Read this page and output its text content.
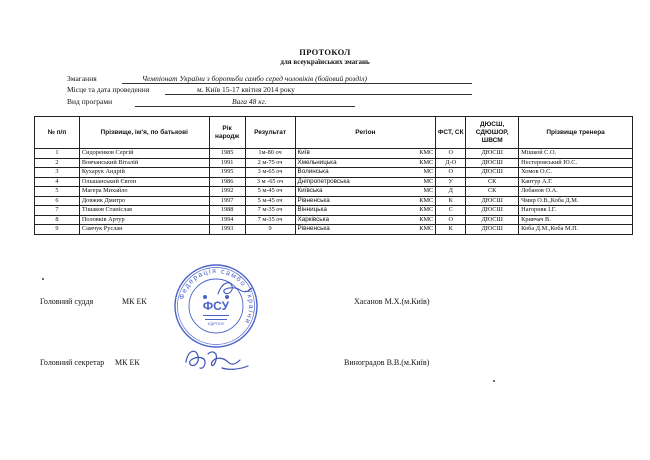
ПРОТОКОЛ
для всеукраїнських змагань
Змагання	Чемпіонат України з боротьби самбо серед чоловіків (бойовий розділ)
Місце та дата проведення	м. Київ 15-17 квітня 2014 року
Вид програми	Вага 48 кг.
№ п/п	Прізвище, ім'я, по батькові	Рік народж	Результат	Регіон	ФСТ, СК	ДЮСШ, СДЮШОР, ШВСМ	Прізвище тренера
1	Сидоренков Сергій	1985	1м-80 оч	Київ КМС	О	ДЮСШ	Мішкой С.О.
2	Вовчанський Віталій	1991	2 м-75 оч	Хмельницька КМС	Д-О	ДЮСШ	Нестеровський Ю.С.
3	Кухарук Андрій	1995	3 м-65 оч	Волинська МС	О	ДЮСШ	Хомов О.С.
4	Ольшанський Євген	1986	3 м -65 оч	Дніпропетровська МС	У	СК	Кантур А.Г.
5	Магера Михайло	1992	5 м-45 оч	Київська МС	Д	СК	Лобанов О.А.
6	Довжик Дмитро	1997	5 м-45 оч	Рівненська КМС	К	ДЮСШ	Чмир О.В.,Коба Д.М.
7	Тішаков Станіслав	1988	7 м-35 оч	Вінницька КМС	С	ДЮСШ	Нагорняк І.Г.
8	Половків Артур	1994	7 м-35 оч	Харківська КМС	О	ДЮСШ	Кривчач В.
9	Самчук Руслан	1993	9	Рівненська КМС	К	ДЮСШ	Коба Д.М.,Коба М.П.
Головний суддя	МК ЕК	Хасанов М.Х.(м.Київ)
Головний секретар МК ЕК	Виноградов В.В.(м.Київ)
Федерація самбо України
ФСУ
ЄДРПОУ
